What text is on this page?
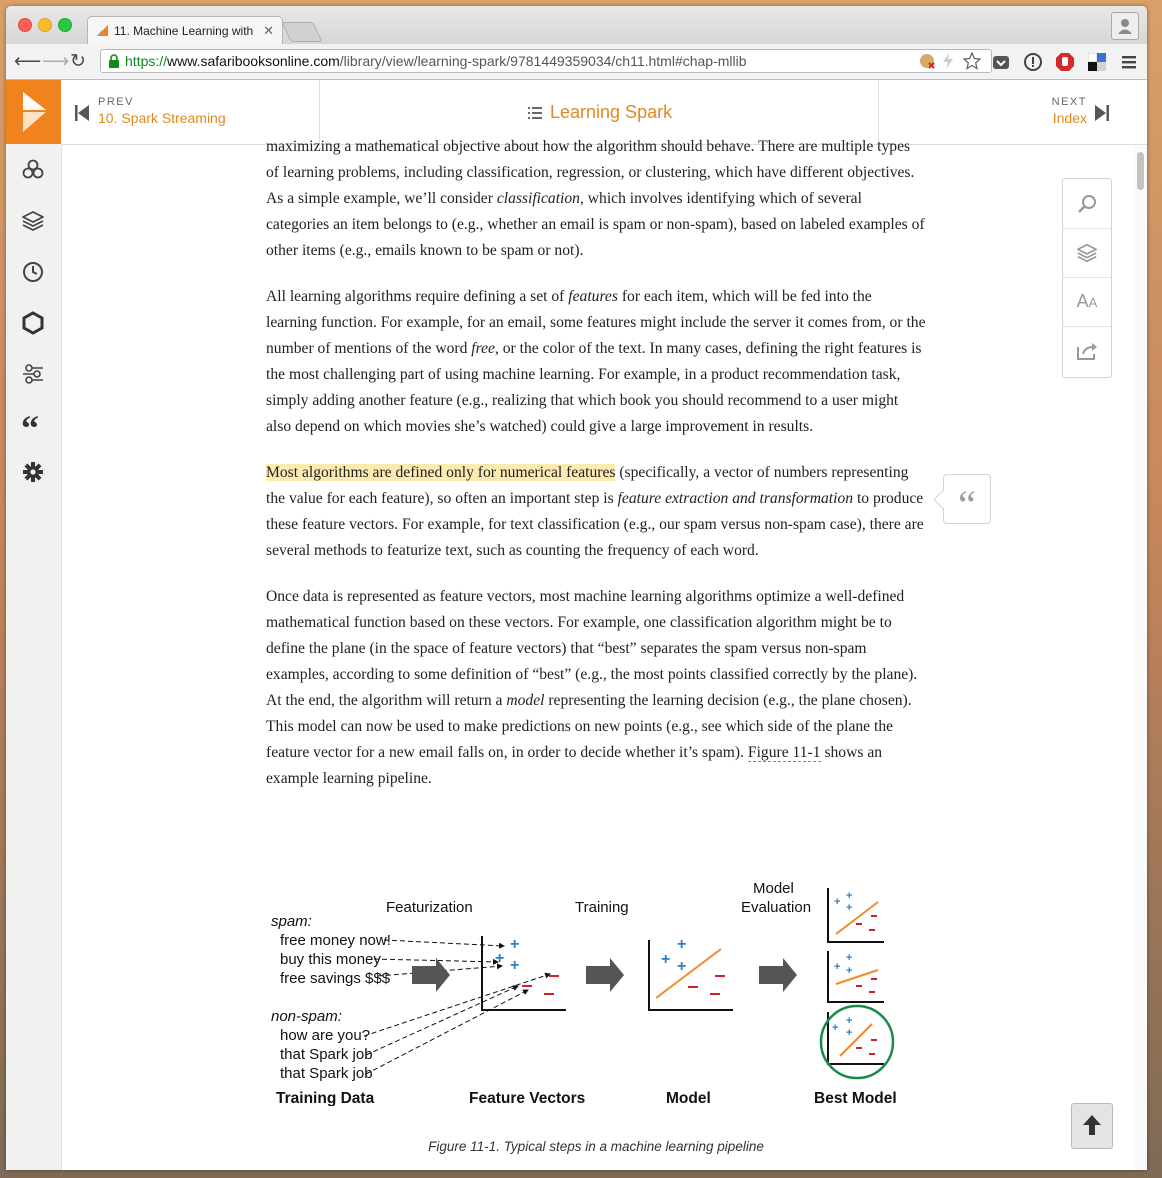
11. Machine Learning with ✕
⟵ ⟶ ↻	https://www.safaribooksonline.com/library/view/learning-spark/9781449359034/ch11.html#chap-mllib
PREV
10. Spark Streaming	Learning Spark	NEXT
Index
“

maximizing a mathematical objective about how the algorithm should behave. There are multiple types of learning problems, including classification, regression, or clustering, which have different objectives. As a simple example, we’ll consider classification, which involves identifying which of several categories an item belongs to (e.g., whether an email is spam or non-spam), based on labeled examples of other items (e.g., emails known to be spam or not).

All learning algorithms require defining a set of features for each item, which will be fed into the learning function. For example, for an email, some features might include the server it comes from, or the number of mentions of the word free, or the color of the text. In many cases, defining the right features is the most challenging part of using machine learning. For example, in a product recommendation task, simply adding another feature (e.g., realizing that which book you should recommend to a user might also depend on which movies she’s watched) could give a large improvement in results.

Most algorithms are defined only for numerical features (specifically, a vector of numbers representing the value for each feature), so often an important step is feature extraction and transformation to produce these feature vectors. For example, for text classification (e.g., our spam versus non-spam case), there are several methods to featurize text, such as counting the frequency of each word.

Once data is represented as feature vectors, most machine learning algorithms optimize a well-defined mathematical function based on these vectors. For example, one classification algorithm might be to define the plane (in the space of feature vectors) that “best” separates the spam versus non-spam examples, according to some definition of “best” (e.g., the most points classified correctly by the plane). At the end, the algorithm will return a model representing the learning decision (e.g., the plane chosen). This model can now be used to make predictions on new points (e.g., see which side of the plane the feature vector for a new email falls on, in order to decide whether it’s spam). Figure 11-1 shows an example learning pipeline.

Featurization	Training
Model
Evaluation
spam:
free money now!
buy this money
free savings $$$
non-spam:
how are you?
that Spark job
that Spark job
+
+ +
+
+ +
+ +
+
+
+
+
+
+
+
Training Data	Feature Vectors	Model	Best Model
Figure 11-1. Typical steps in a machine learning pipeline
AA
“
